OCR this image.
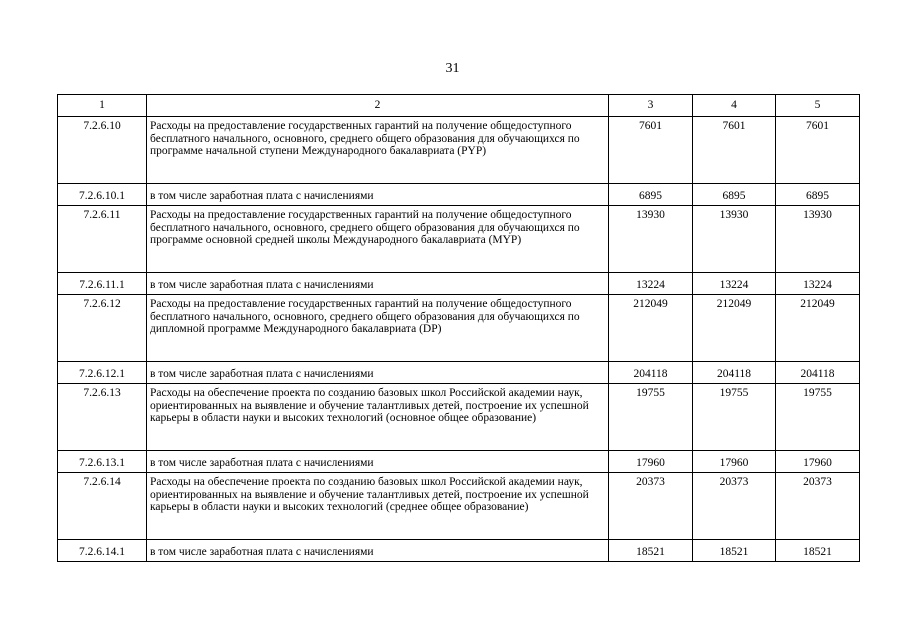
31
1	2	3	4	5
7.2.6.10	Расходы на предоставление государственных гарантий на получение общедоступного бесплатного начального, основного, среднего общего образования для обучающихся по программе начальной ступени Международного бакалавриата (PYP)	7601	7601	7601
7.2.6.10.1	в том числе заработная плата с начислениями	6895	6895	6895
7.2.6.11	Расходы на предоставление государственных гарантий на получение общедоступного бесплатного начального, основного, среднего общего образования для обучающихся по программе основной средней школы Международного бакалавриата (MYP)	13930	13930	13930
7.2.6.11.1	в том числе заработная плата с начислениями	13224	13224	13224
7.2.6.12	Расходы на предоставление государственных гарантий на получение общедоступного бесплатного начального, основного, среднего общего образования для обучающихся по дипломной программе Международного бакалавриата (DP)	212049	212049	212049
7.2.6.12.1	в том числе заработная плата с начислениями	204118	204118	204118
7.2.6.13	Расходы на обеспечение проекта по созданию базовых школ Российской академии наук, ориентированных на выявление и обучение талантливых детей, построение их успешной карьеры в области науки и высоких технологий (основное общее образование)	19755	19755	19755
7.2.6.13.1	в том числе заработная плата с начислениями	17960	17960	17960
7.2.6.14	Расходы на обеспечение проекта по созданию базовых школ Российской академии наук, ориентированных на выявление и обучение талантливых детей, построение их успешной карьеры в области науки и высоких технологий (среднее общее образование)	20373	20373	20373
7.2.6.14.1	в том числе заработная плата с начислениями	18521	18521	18521
